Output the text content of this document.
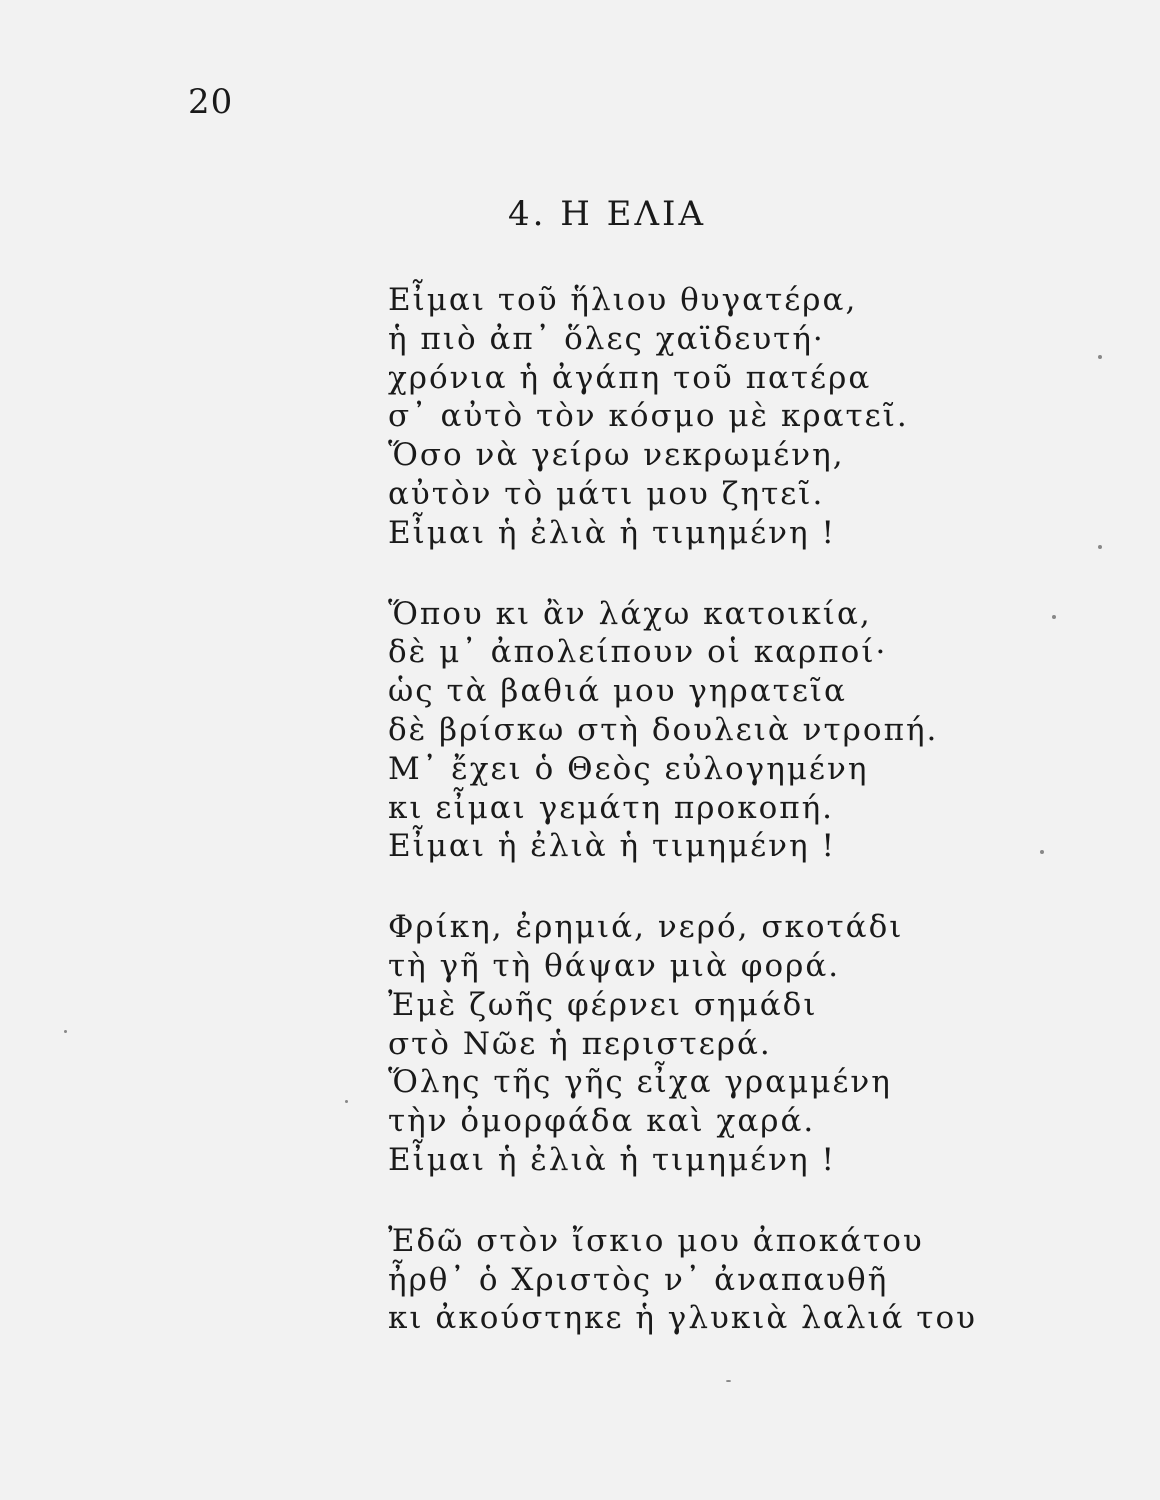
20
4. Η ΕΛΙΑ
Εἶμαι τοῦ ἥλιου θυγατέρα,
ἡ πιὸ ἀπ᾿ ὅλες χαϊδευτή·
χρόνια ἡ ἀγάπη τοῦ πατέρα
σ᾿ αὐτὸ τὸν κόσμο μὲ κρατεῖ.
Ὅσο νὰ γείρω νεκρωμένη,
αὐτὸν τὸ μάτι μου ζητεῖ.
Εἶμαι ἡ ἐλιὰ ἡ τιμημένη !
Ὅπου κι ἂν λάχω κατοικία,
δὲ μ᾿ ἀπολείπουν οἱ καρποί·
ὡς τὰ βαθιά μου γηρατεῖα
δὲ βρίσκω στὴ δουλειὰ ντροπή.
Μ᾿ ἔχει ὁ Θεὸς εὐλογημένη
κι εἶμαι γεμάτη προκοπή.
Εἶμαι ἡ ἐλιὰ ἡ τιμημένη !
Φρίκη, ἐρημιά, νερό, σκοτάδι
τὴ γῆ τὴ θάψαν μιὰ φορά.
Ἐμὲ ζωῆς φέρνει σημάδι
στὸ Νῶε ἡ περιστερά.
Ὅλης τῆς γῆς εἶχα γραμμένη
τὴν ὀμορφάδα καὶ χαρά.
Εἶμαι ἡ ἐλιὰ ἡ τιμημένη !
Ἐδῶ στὸν ἴσκιο μου ἀποκάτου
ἦρθ᾿ ὁ Χριστὸς ν᾿ ἀναπαυθῆ
κι ἀκούστηκε ἡ γλυκιὰ λαλιά του
